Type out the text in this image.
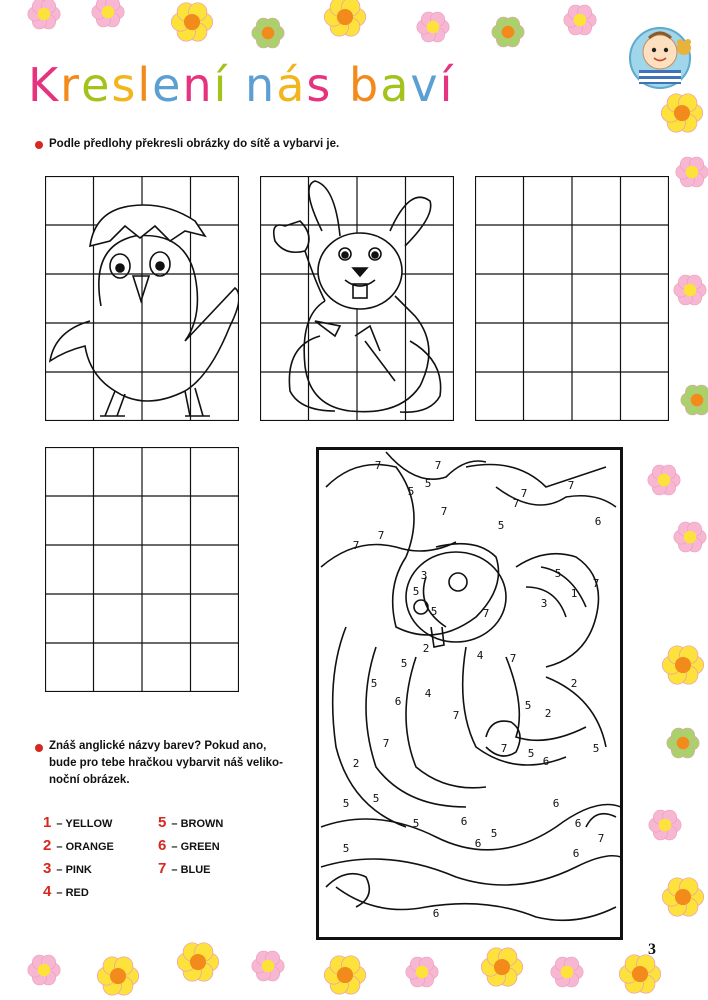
Kreslení nás baví
Podle předlohy překresli obrázky do sítě a vybarvi je.
7	7
5
7
7
5
7
7
5
7
7
6
5
5
3	5
3
1
7
7
5
5
2
6
4
4 7
2
5
2
2
7
5 5
7
7 5
6
5
5	6
5
6
6
6
6
7
5
6
Znáš anglické názvy barev? Pokud ano,
bude pro tebe hračkou vybarvit náš veliko-
noční obrázek.
1 – YELLOW
2 – ORANGE
3 – PINK
4 – RED
5 – BROWN
6 – GREEN
7 – BLUE
3
